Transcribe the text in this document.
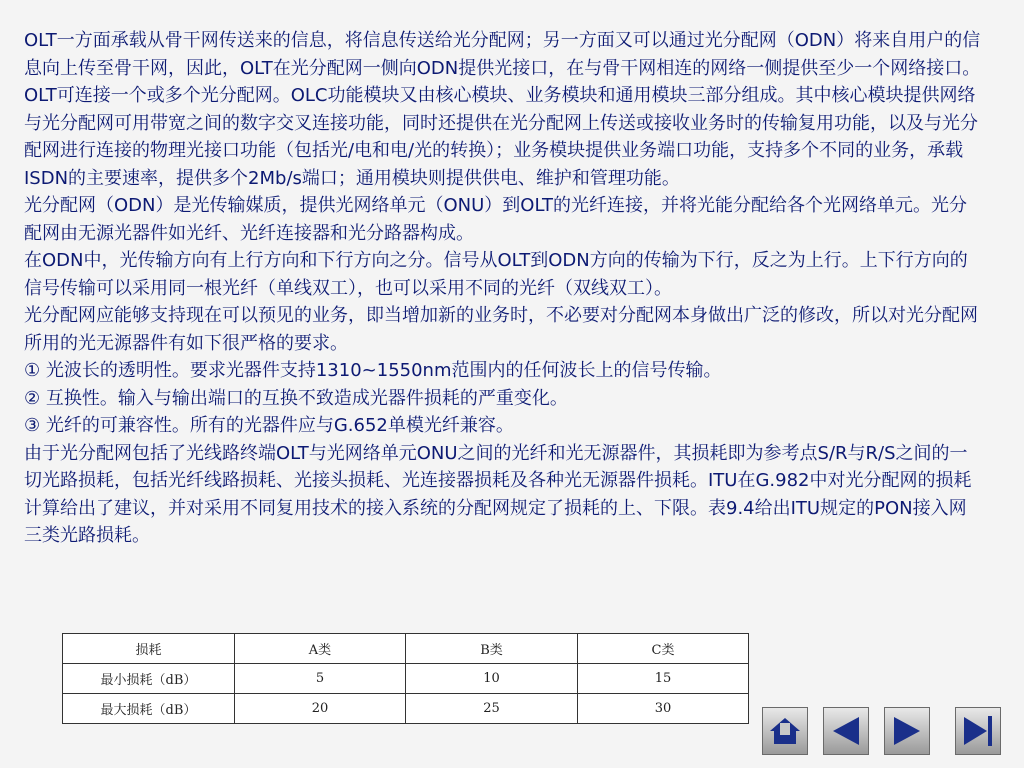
OLT一方面承载从骨干网传送来的信息，将信息传送给光分配网；另一方面又可以通过光分配网（ODN）将来自用户的信息向上传至骨干网，因此，OLT在光分配网一侧向ODN提供光接口，在与骨干网相连的网络一侧提供至少一个网络接口。OLT可连接一个或多个光分配网。OLC功能模块又由核心模块、业务模块和通用模块三部分组成。其中核心模块提供网络与光分配网可用带宽之间的数字交叉连接功能，同时还提供在光分配网上传送或接收业务时的传输复用功能，以及与光分配网进行连接的物理光接口功能（包括光/电和电/光的转换）；业务模块提供业务端口功能，支持多个不同的业务，承载ISDN的主要速率，提供多个2Mb/s端口；通用模块则提供供电、维护和管理功能。

光分配网（ODN）是光传输媒质，提供光网络单元（ONU）到OLT的光纤连接，并将光能分配给各个光网络单元。光分配网由无源光器件如光纤、光纤连接器和光分路器构成。

在ODN中，光传输方向有上行方向和下行方向之分。信号从OLT到ODN方向的传输为下行，反之为上行。上下行方向的信号传输可以采用同一根光纤（单线双工），也可以采用不同的光纤（双线双工）。

光分配网应能够支持现在可以预见的业务，即当增加新的业务时，不必要对分配网本身做出广泛的修改，所以对光分配网所用的光无源器件有如下很严格的要求。

① 光波长的透明性。要求光器件支持1310~1550nm范围内的任何波长上的信号传输。

② 互换性。输入与输出端口的互换不致造成光器件损耗的严重变化。

③ 光纤的可兼容性。所有的光器件应与G.652单模光纤兼容。

由于光分配网包括了光线路终端OLT与光网络单元ONU之间的光纤和光无源器件，其损耗即为参考点S/R与R/S之间的一切光路损耗，包括光纤线路损耗、光接头损耗、光连接器损耗及各种光无源器件损耗。ITU在G.982中对光分配网的损耗计算给出了建议，并对采用不同复用技术的接入系统的分配网规定了损耗的上、下限。表9.4给出ITU规定的PON接入网三类光路损耗。

损耗	A类	B类	C类
最小损耗（dB）	5	10	15
最大损耗（dB）	20	25	30
